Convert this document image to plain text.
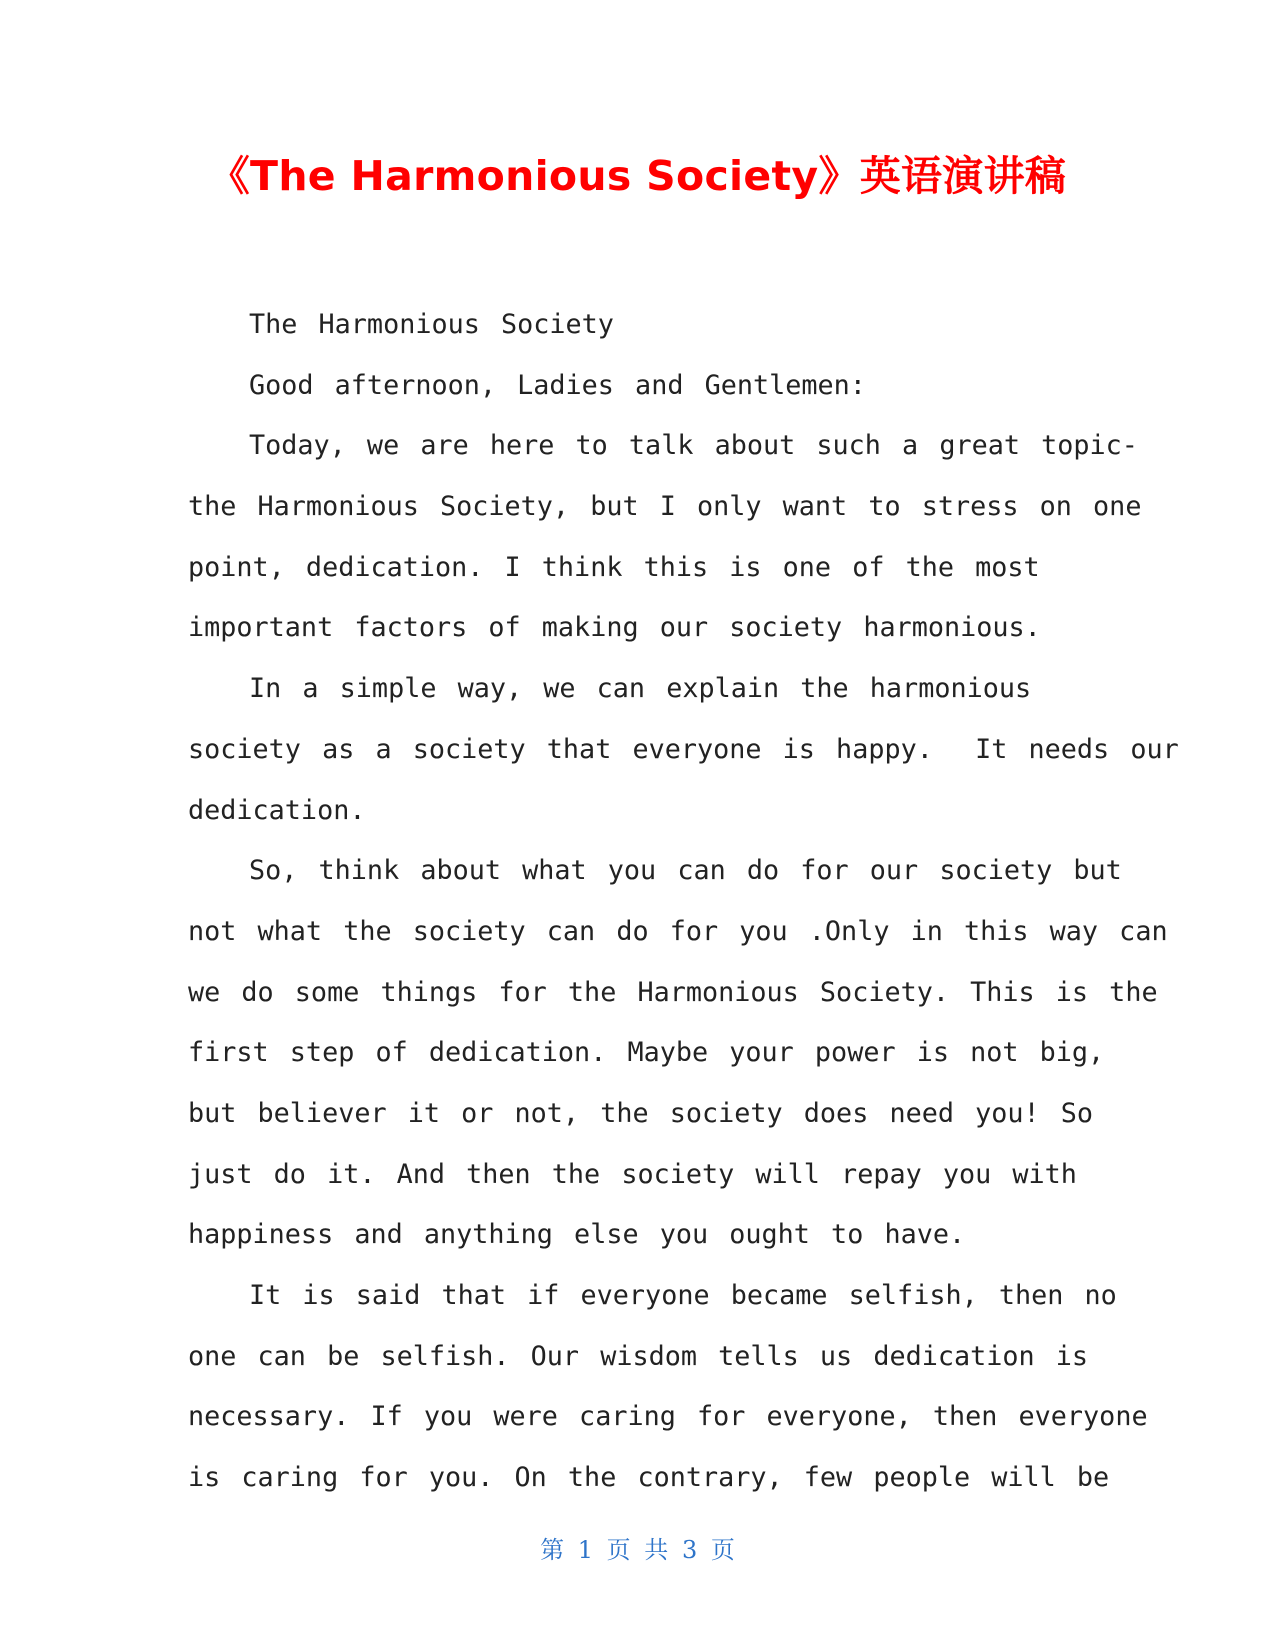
《The Harmonious Society》英语演讲稿
The Harmonious Society
Good afternoon, Ladies and Gentlemen:
Today, we are here to talk about such a great topic-
the Harmonious Society, but I only want to stress on one
point, dedication. I think this is one of the most
important factors of making our society harmonious.
In a simple way, we can explain the harmonious
society as a society that everyone is happy.  It needs our
dedication.
So, think about what you can do for our society but
not what the society can do for you .Only in this way can
we do some things for the Harmonious Society. This is the
first step of dedication. Maybe your power is not big,
but believer it or not, the society does need you! So
just do it. And then the society will repay you with
happiness and anything else you ought to have.
It is said that if everyone became selfish, then no
one can be selfish. Our wisdom tells us dedication is
necessary. If you were caring for everyone, then everyone
is caring for you. On the contrary, few people will be
第 1 页 共 3 页
